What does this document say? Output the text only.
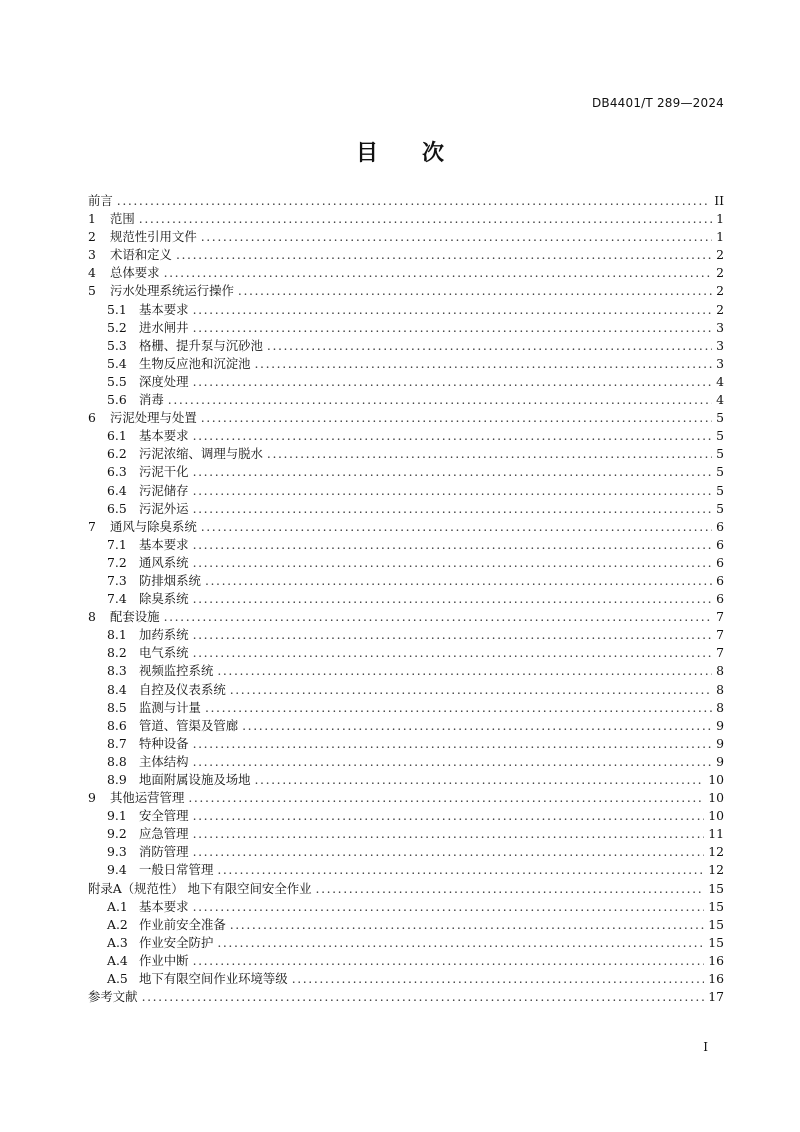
DB4401/T 289—2024
目 次
前言 .....	II
1	范围 .....	1
2	规范性引用文件 .....	1
3	术语和定义 .....	2
4	总体要求 .....	2
5	污水处理系统运行操作 .....	2
5.1 基本要求 .....	2
5.2 进水闸井 .....	3
5.3 格栅、提升泵与沉砂池 .....	3
5.4 生物反应池和沉淀池 .....	3
5.5 深度处理 .....	4
5.6 消毒 .....	4
6	污泥处理与处置 .....	5
6.1 基本要求 .....	5
6.2 污泥浓缩、调理与脱水 .....	5
6.3 污泥干化 .....	5
6.4 污泥储存 .....	5
6.5 污泥外运 .....	5
7	通风与除臭系统 .....	6
7.1 基本要求 .....	6
7.2 通风系统 .....	6
7.3 防排烟系统 .....	6
7.4 除臭系统 .....	6
8	配套设施 .....	7
8.1 加药系统 .....	7
8.2 电气系统 .....	7
8.3 视频监控系统 .....	8
8.4 自控及仪表系统 .....	8
8.5 监测与计量 .....	8
8.6 管道、管渠及管廊 .....	9
8.7 特种设备 .....	9
8.8 主体结构 .....	9
8.9 地面附属设施及场地 .....	10
9	其他运营管理 .....	10
9.1 安全管理 .....	10
9.2 应急管理 .....	11
9.3 消防管理 .....	12
9.4 一般日常管理 .....	12
附录A（规范性） 地下有限空间安全作业 .....	15
A.1 基本要求 .....	15
A.2 作业前安全准备 .....	15
A.3 作业安全防护 .....	15
A.4 作业中断 .....	16
A.5 地下有限空间作业环境等级 .....	16
参考文献 .....	17
I
